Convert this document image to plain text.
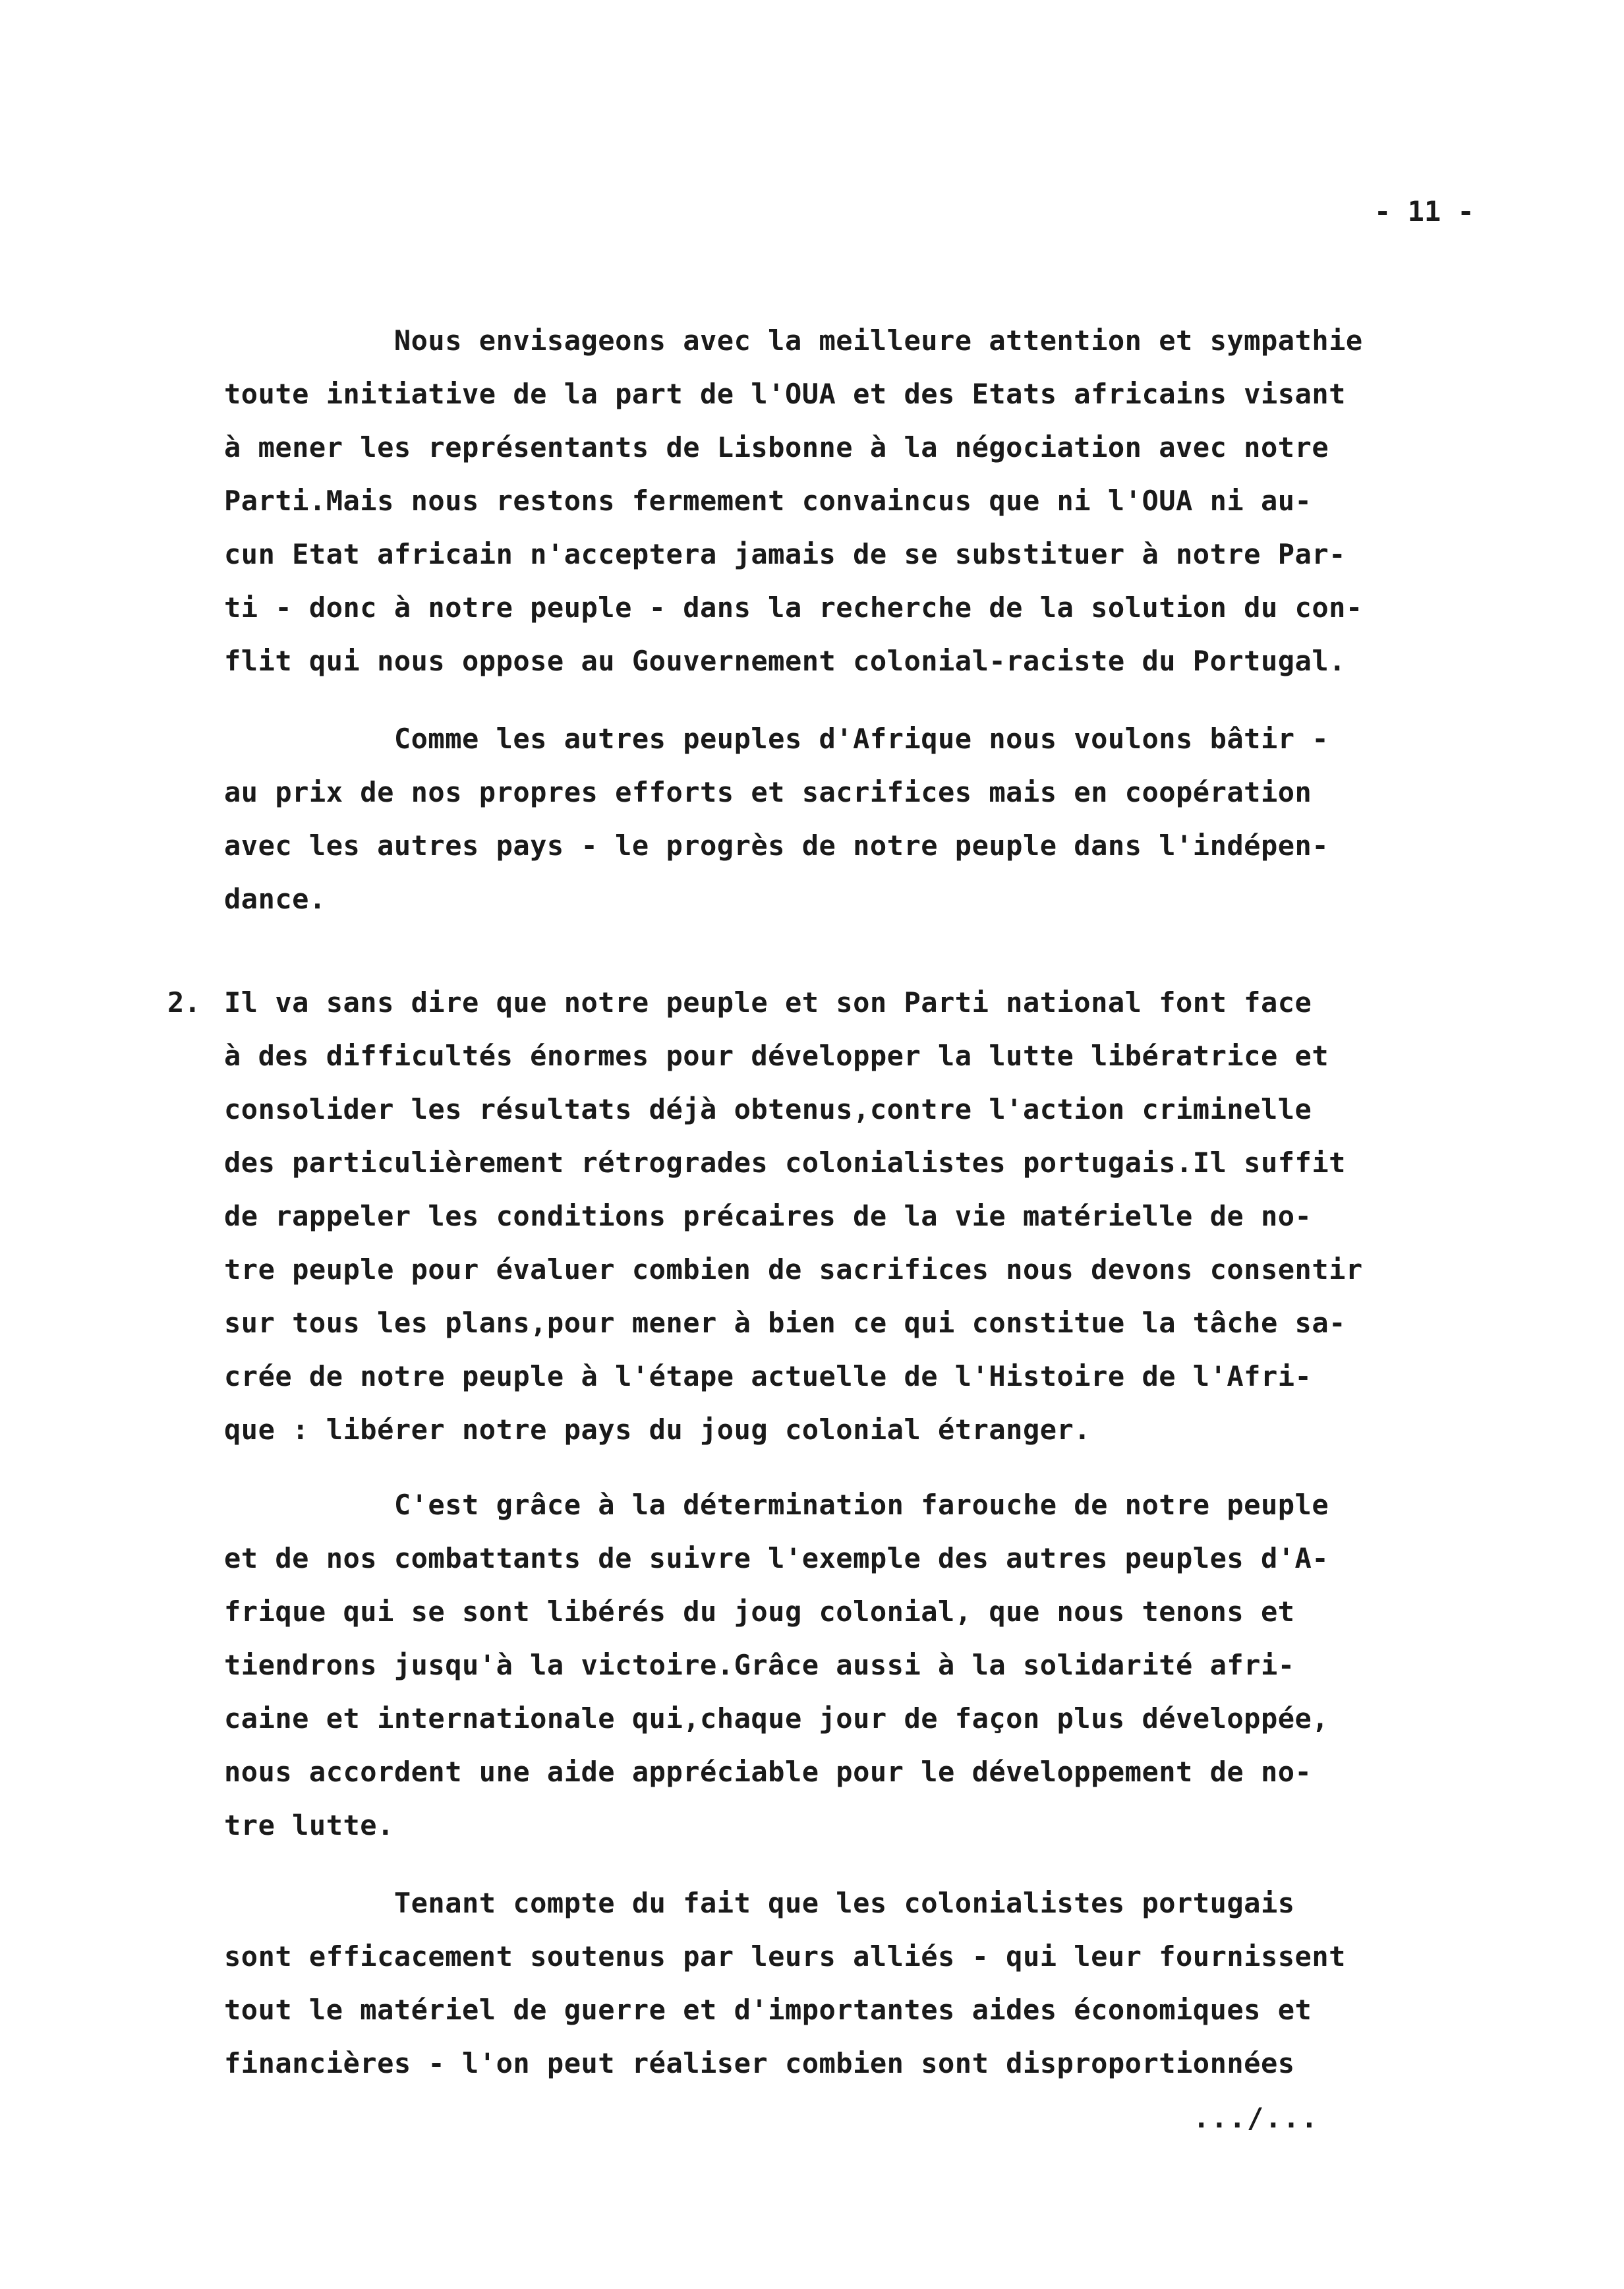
- 11 -
Nous envisageons avec la meilleure attention et sympathie
toute initiative de la part de l'OUA et des Etats africains visant
à mener les représentants de Lisbonne à la négociation avec notre
Parti.Mais nous restons fermement convaincus que ni l'OUA ni au-
cun Etat africain n'acceptera jamais de se substituer à notre Par-
ti - donc à notre peuple - dans la recherche de la solution du con-
flit qui nous oppose au Gouvernement colonial-raciste du Portugal.
Comme les autres peuples d'Afrique nous voulons bâtir -
au prix de nos propres efforts et sacrifices mais en coopération
avec les autres pays - le progrès de notre peuple dans l'indépen-
dance.
2. Il va sans dire que notre peuple et son Parti national font face
à des difficultés énormes pour développer la lutte libératrice et
consolider les résultats déjà obtenus,contre l'action criminelle
des particulièrement rétrogrades colonialistes portugais.Il suffit
de rappeler les conditions précaires de la vie matérielle de no-
tre peuple pour évaluer combien de sacrifices nous devons consentir
sur tous les plans,pour mener à bien ce qui constitue la tâche sa-
crée de notre peuple à l'étape actuelle de l'Histoire de l'Afri-
que : libérer notre pays du joug colonial étranger.
C'est grâce à la détermination farouche de notre peuple
et de nos combattants de suivre l'exemple des autres peuples d'A-
frique qui se sont libérés du joug colonial, que nous tenons et
tiendrons jusqu'à la victoire.Grâce aussi à la solidarité afri-
caine et internationale qui,chaque jour de façon plus développée,
nous accordent une aide appréciable pour le développement de no-
tre lutte.
Tenant compte du fait que les colonialistes portugais
sont efficacement soutenus par leurs alliés - qui leur fournissent
tout le matériel de guerre et d'importantes aides économiques et
financières - l'on peut réaliser combien sont disproportionnées
.../...
